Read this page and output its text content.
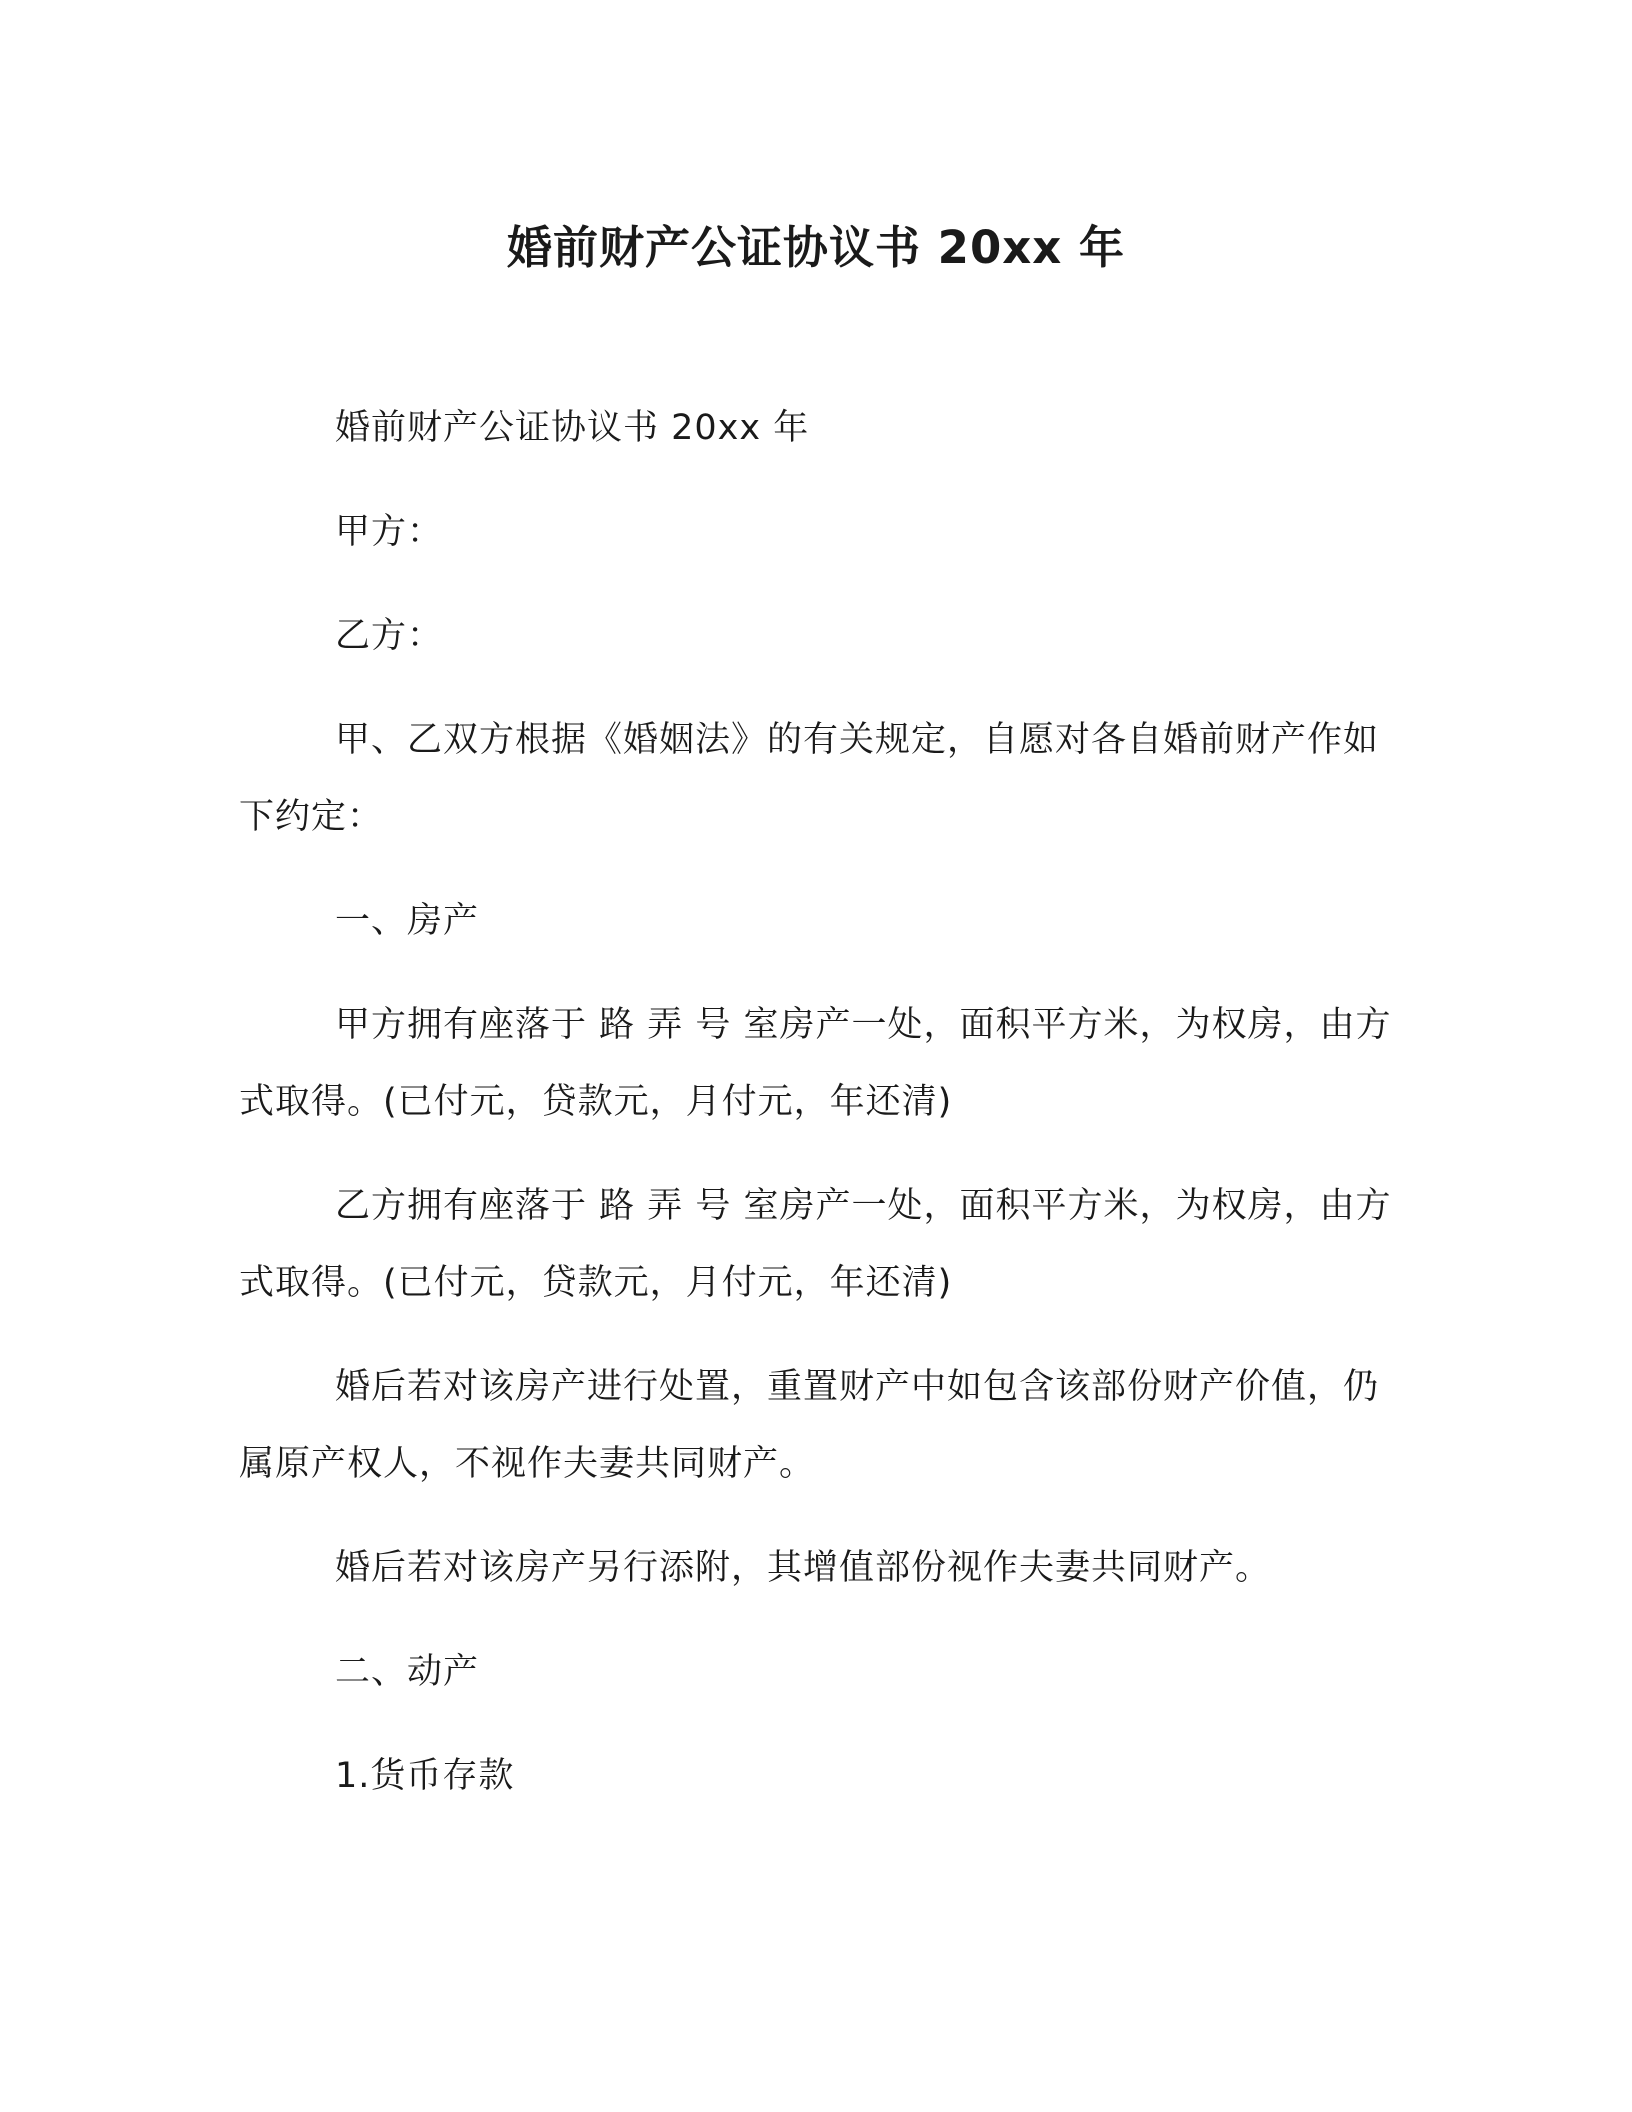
婚前财产公证协议书 20xx 年

婚前财产公证协议书 20xx 年

甲方：

乙方：

甲、乙双方根据《婚姻法》的有关规定，自愿对各自婚前财产作如下约定：

一、房产

甲方拥有座落于 路 弄 号 室房产一处，面积平方米，为权房，由方式取得。(已付元，贷款元，月付元，年还清)

乙方拥有座落于 路 弄 号 室房产一处，面积平方米，为权房，由方式取得。(已付元，贷款元，月付元，年还清)

婚后若对该房产进行处置，重置财产中如包含该部份财产价值，仍属原产权人，不视作夫妻共同财产。

婚后若对该房产另行添附，其增值部份视作夫妻共同财产。

二、动产

1.货币存款
